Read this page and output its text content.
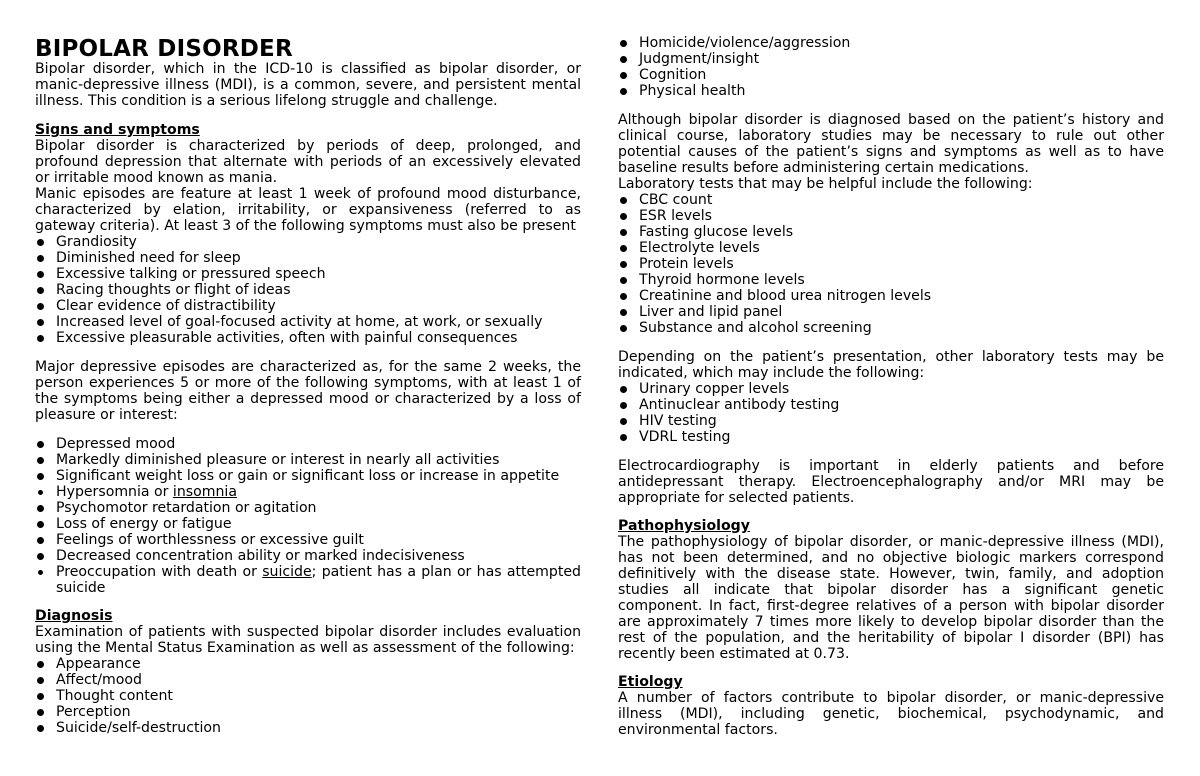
BIPOLAR DISORDER

Bipolar disorder, which in the ICD-10 is classified as bipolar disorder, or manic-depressive illness (MDI), is a common, severe, and persistent mental illness. This condition is a serious lifelong struggle and challenge.

Signs and symptoms

Bipolar disorder is characterized by periods of deep, prolonged, and profound depression that alternate with periods of an excessively elevated or irritable mood known as mania.

Manic episodes are feature at least 1 week of profound mood disturbance, characterized by elation, irritability, or expansiveness (referred to as gateway criteria). At least 3 of the following symptoms must also be present

Grandiosity
Diminished need for sleep
Excessive talking or pressured speech
Racing thoughts or flight of ideas
Clear evidence of distractibility
Increased level of goal-focused activity at home, at work, or sexually
Excessive pleasurable activities, often with painful consequences

Major depressive episodes are characterized as, for the same 2 weeks, the person experiences 5 or more of the following symptoms, with at least 1 of the symptoms being either a depressed mood or characterized by a loss of pleasure or interest:

Depressed mood
Markedly diminished pleasure or interest in nearly all activities
Significant weight loss or gain or significant loss or increase in appetite
Hypersomnia or insomnia
Psychomotor retardation or agitation
Loss of energy or fatigue
Feelings of worthlessness or excessive guilt
Decreased concentration ability or marked indecisiveness
Preoccupation with death or suicide; patient has a plan or has attempted suicide
Diagnosis

Examination of patients with suspected bipolar disorder includes evaluation using the Mental Status Examination as well as assessment of the following:

Appearance
Affect/mood
Thought content
Perception
Suicide/self-destruction
Homicide/violence/aggression
Judgment/insight
Cognition
Physical health

Although bipolar disorder is diagnosed based on the patient’s history and clinical course, laboratory studies may be necessary to rule out other potential causes of the patient’s signs and symptoms as well as to have baseline results before administering certain medications.

Laboratory tests that may be helpful include the following:

CBC count
ESR levels
Fasting glucose levels
Electrolyte levels
Protein levels
Thyroid hormone levels
Creatinine and blood urea nitrogen levels
Liver and lipid panel
Substance and alcohol screening

Depending on the patient’s presentation, other laboratory tests may be indicated, which may include the following:

Urinary copper levels
Antinuclear antibody testing
HIV testing
VDRL testing

Electrocardiography is important in elderly patients and before antidepressant therapy. Electroencephalography and/or MRI may be appropriate for selected patients.

Pathophysiology

The pathophysiology of bipolar disorder, or manic-depressive illness (MDI), has not been determined, and no objective biologic markers correspond definitively with the disease state. However, twin, family, and adoption studies all indicate that bipolar disorder has a significant genetic component. In fact, first-degree relatives of a person with bipolar disorder are approximately 7 times more likely to develop bipolar disorder than the rest of the population, and the heritability of bipolar I disorder (BPI) has recently been estimated at 0.73.

Etiology

A number of factors contribute to bipolar disorder, or manic-depressive illness (MDI), including genetic, biochemical, psychodynamic, and environmental factors.
